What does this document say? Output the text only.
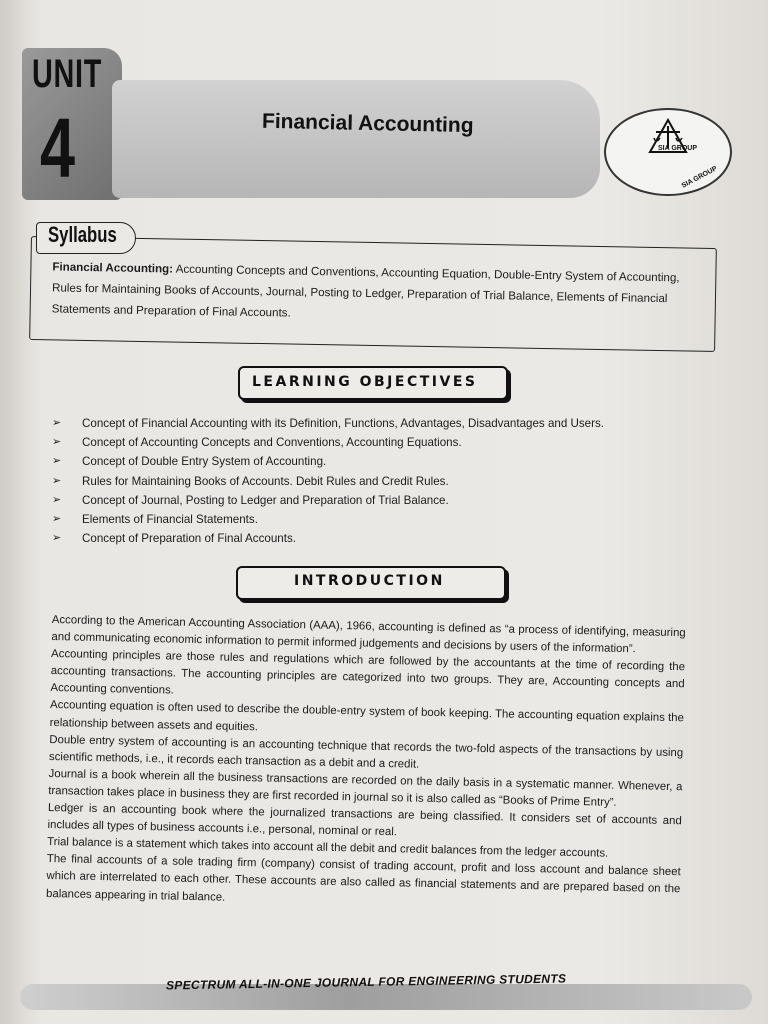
UNIT
4	Financial Accounting
SIA GROUP
SIA GROUP
Syllabus
Financial Accounting: Accounting Concepts and Conventions, Accounting Equation, Double-Entry System of Accounting, Rules for Maintaining Books of Accounts, Journal, Posting to Ledger, Preparation of Trial Balance, Elements of Financial Statements and Preparation of Final Accounts.
LEARNING OBJECTIVES
➢ Concept of Financial Accounting with its Definition, Functions, Advantages, Disadvantages and Users.
➢ Concept of Accounting Concepts and Conventions, Accounting Equations.
➢ Concept of Double Entry System of Accounting.
➢ Rules for Maintaining Books of Accounts. Debit Rules and Credit Rules.
➢ Concept of Journal, Posting to Ledger and Preparation of Trial Balance.
➢ Elements of Financial Statements.
➢ Concept of Preparation of Final Accounts.
INTRODUCTION

According to the American Accounting Association (AAA), 1966, accounting is defined as “a process of identifying, measuring and communicating economic information to permit informed judgements and decisions by users of the information”.

Accounting principles are those rules and regulations which are followed by the accountants at the time of recording the accounting transactions. The accounting principles are categorized into two groups. They are, Accounting concepts and Accounting conventions.

Accounting equation is often used to describe the double-entry system of book keeping. The accounting equation explains the relationship between assets and equities.

Double entry system of accounting is an accounting technique that records the two-fold aspects of the transactions by using scientific methods, i.e., it records each transaction as a debit and a credit.

Journal is a book wherein all the business transactions are recorded on the daily basis in a systematic manner. Whenever, a transaction takes place in business they are first recorded in journal so it is also called as “Books of Prime Entry”.

Ledger is an accounting book where the journalized transactions are being classified. It considers set of accounts and includes all types of business accounts i.e., personal, nominal or real.

Trial balance is a statement which takes into account all the debit and credit balances from the ledger accounts.

The final accounts of a sole trading firm (company) consist of trading account, profit and loss account and balance sheet which are interrelated to each other. These accounts are also called as financial statements and are prepared based on the balances appearing in trial balance.

SPECTRUM ALL-IN-ONE JOURNAL FOR ENGINEERING STUDENTS
